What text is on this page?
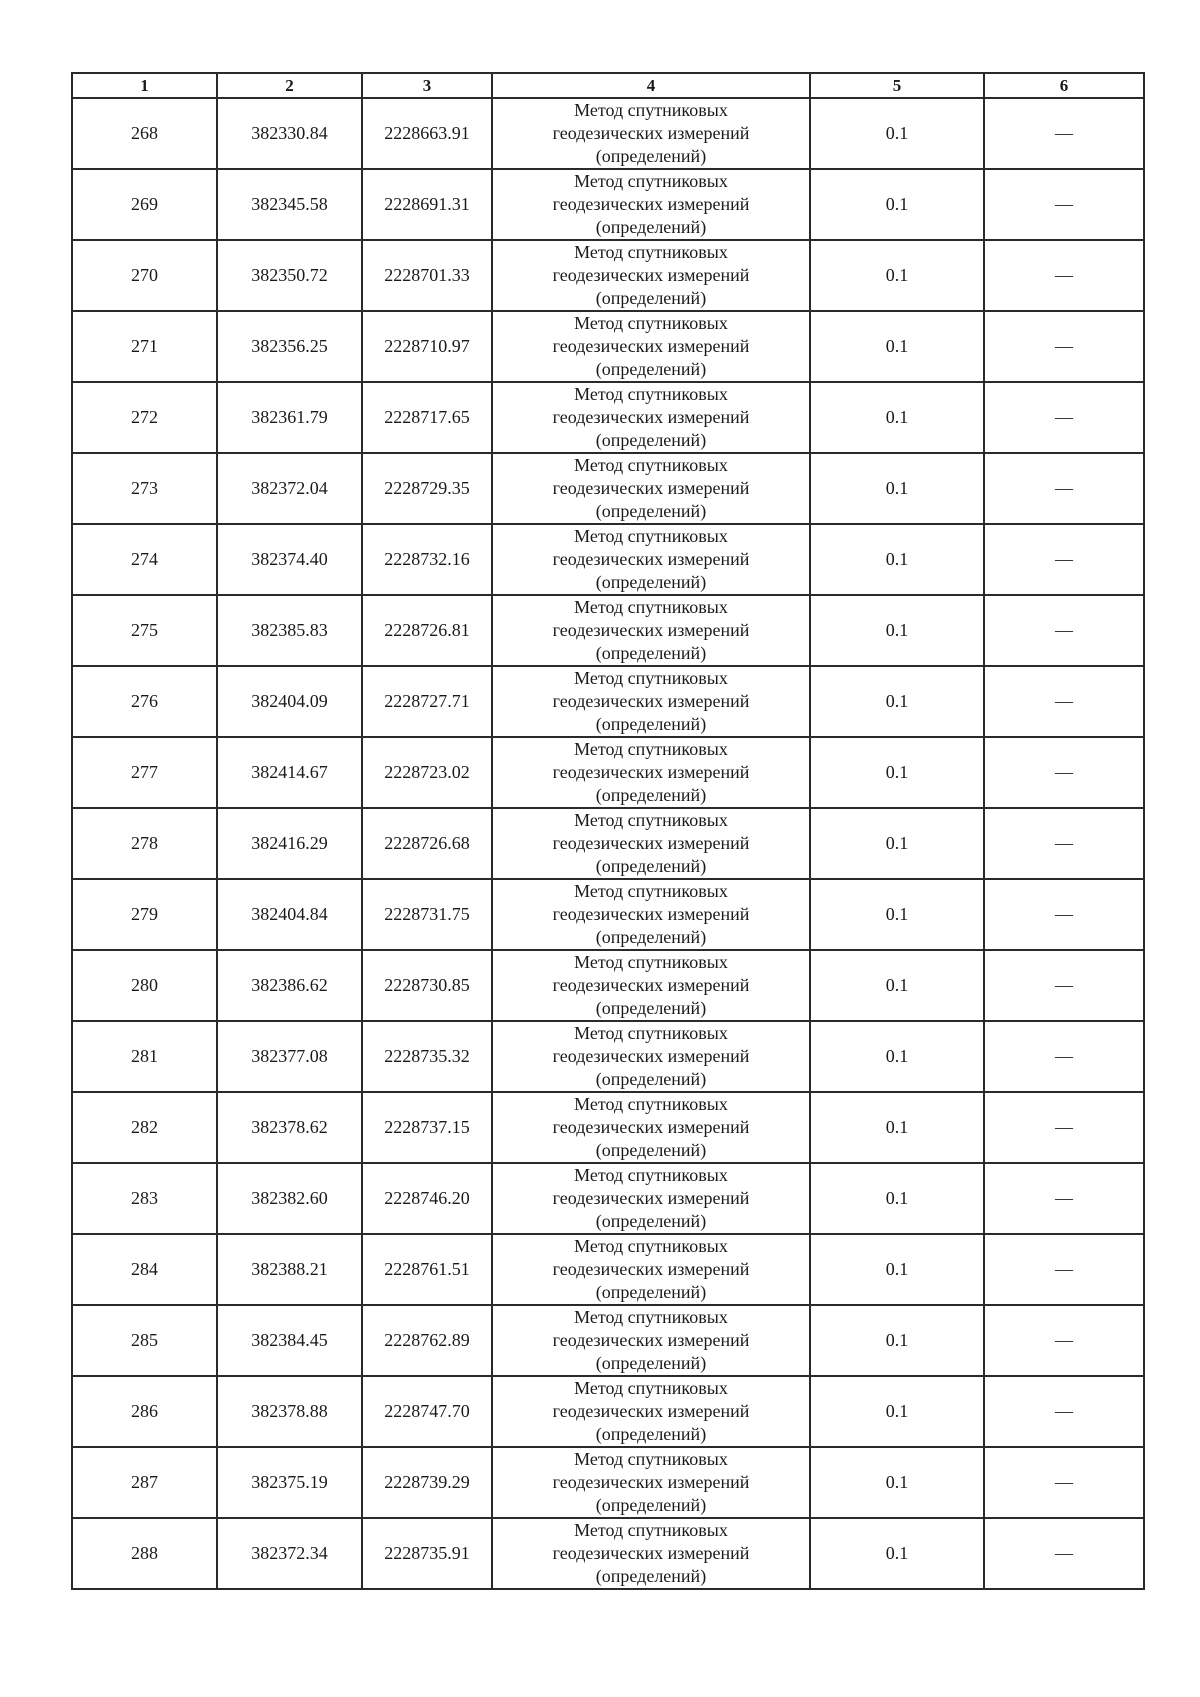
1	2	3	4	5	6
268	382330.84	2228663.91	Метод спутниковых
геодезических измерений
(определений)	0.1	—
269	382345.58	2228691.31	Метод спутниковых
геодезических измерений
(определений)	0.1	—
270	382350.72	2228701.33	Метод спутниковых
геодезических измерений
(определений)	0.1	—
271	382356.25	2228710.97	Метод спутниковых
геодезических измерений
(определений)	0.1	—
272	382361.79	2228717.65	Метод спутниковых
геодезических измерений
(определений)	0.1	—
273	382372.04	2228729.35	Метод спутниковых
геодезических измерений
(определений)	0.1	—
274	382374.40	2228732.16	Метод спутниковых
геодезических измерений
(определений)	0.1	—
275	382385.83	2228726.81	Метод спутниковых
геодезических измерений
(определений)	0.1	—
276	382404.09	2228727.71	Метод спутниковых
геодезических измерений
(определений)	0.1	—
277	382414.67	2228723.02	Метод спутниковых
геодезических измерений
(определений)	0.1	—
278	382416.29	2228726.68	Метод спутниковых
геодезических измерений
(определений)	0.1	—
279	382404.84	2228731.75	Метод спутниковых
геодезических измерений
(определений)	0.1	—
280	382386.62	2228730.85	Метод спутниковых
геодезических измерений
(определений)	0.1	—
281	382377.08	2228735.32	Метод спутниковых
геодезических измерений
(определений)	0.1	—
282	382378.62	2228737.15	Метод спутниковых
геодезических измерений
(определений)	0.1	—
283	382382.60	2228746.20	Метод спутниковых
геодезических измерений
(определений)	0.1	—
284	382388.21	2228761.51	Метод спутниковых
геодезических измерений
(определений)	0.1	—
285	382384.45	2228762.89	Метод спутниковых
геодезических измерений
(определений)	0.1	—
286	382378.88	2228747.70	Метод спутниковых
геодезических измерений
(определений)	0.1	—
287	382375.19	2228739.29	Метод спутниковых
геодезических измерений
(определений)	0.1	—
288	382372.34	2228735.91	Метод спутниковых
геодезических измерений
(определений)	0.1	—
